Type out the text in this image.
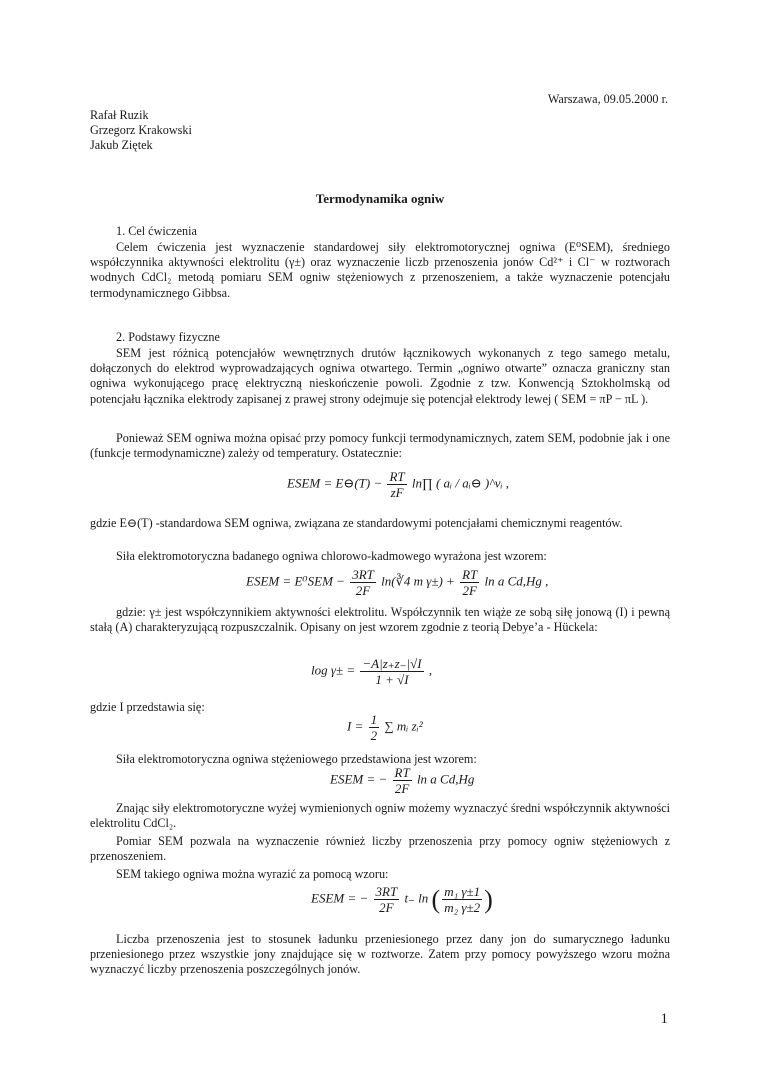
Warszawa, 09.05.2000 r.
Rafał Ruzik
Grzegorz Krakowski
Jakub Ziętek
Termodynamika ogniw
1. Cel ćwiczenia
Celem ćwiczenia jest wyznaczenie standardowej siły elektromotorycznej ogniwa (E⁰SEM), średniego współczynnika aktywności elektrolitu (γ±) oraz wyznaczenie liczb przenoszenia jonów Cd²⁺ i Cl⁻ w roztworach wodnych CdCl₂ metodą pomiaru SEM ogniw stężeniowych z przenoszeniem, a także wyznaczenie potencjału termodynamicznego Gibbsa.
2. Podstawy fizyczne
SEM jest różnicą potencjałów wewnętrznych drutów łącznikowych wykonanych z tego samego metalu, dołączonych do elektrod wyprowadzających ogniwa otwartego. Termin „ogniwo otwarte” oznacza graniczny stan ogniwa wykonującego pracę elektryczną nieskończenie powoli. Zgodnie z tzw. Konwencją Sztokholmską od potencjału łącznika elektrody zapisanej z prawej strony odejmuje się potencjał elektrody lewej ( SEM = πP − πL ).
Ponieważ SEM ogniwa można opisać przy pomocy funkcji termodynamicznych, zatem SEM, podobnie jak i one (funkcje termodynamiczne) zależy od temperatury. Ostatecznie:
ESEM = E⊖(T) − $\frac{RT}{zF}$ ln∏ ( aᵢ / aᵢ⊖ )^νᵢ ,
gdzie E⊖(T) -standardowa SEM ogniwa, związana ze standardowymi potencjałami chemicznymi reagentów.
Siła elektromotoryczna badanego ogniwa chlorowo-kadmowego wyrażona jest wzorem:
ESEM = $E^0SEM - \frac{3RT}{2F}$ ln(∛4 m $\gamma\pm) + \frac{RT}{2F}$ ln a Cd,Hg ,
gdzie: γ± jest współczynnikiem aktywności elektrolitu. Współczynnik ten wiąże ze sobą siłę jonową (I) i pewną stałą (A) charakteryzującą rozpuszczalnik. Opisany on jest wzorem zgodnie z teorią Debye’a - Hückela:
$\log \gamma\pm = \frac{-A|z_+z_-|√I}{1 + √I}$ ,
gdzie I przedstawia się:
$I = \frac{1}{2}$ ∑ mᵢ zᵢ²
Siła elektromotoryczna ogniwa stężeniowego przedstawiona jest wzorem:
ESEM = − $\frac{RT}{2F}$ ln a Cd,Hg
Znając siły elektromotoryczne wyżej wymienionych ogniw możemy wyznaczyć średni współczynnik aktywności elektrolitu CdCl₂.
Pomiar SEM pozwala na wyznaczenie również liczby przenoszenia przy pomocy ogniw stężeniowych z przenoszeniem.
SEM takiego ogniwa można wyrazić za pomocą wzoru:
ESEM = − $\frac{3RT}{2F} t_-$ ln ( $\frac{\text{m₁ γ±1}}{\text{m₂ γ±2}}$ )
Liczba przenoszenia jest to stosunek ładunku przeniesionego przez dany jon do sumarycznego ładunku przeniesionego przez wszystkie jony znajdujące się w roztworze. Zatem przy pomocy powyższego wzoru można wyznaczyć liczby przenoszenia poszczególnych jonów.
1
